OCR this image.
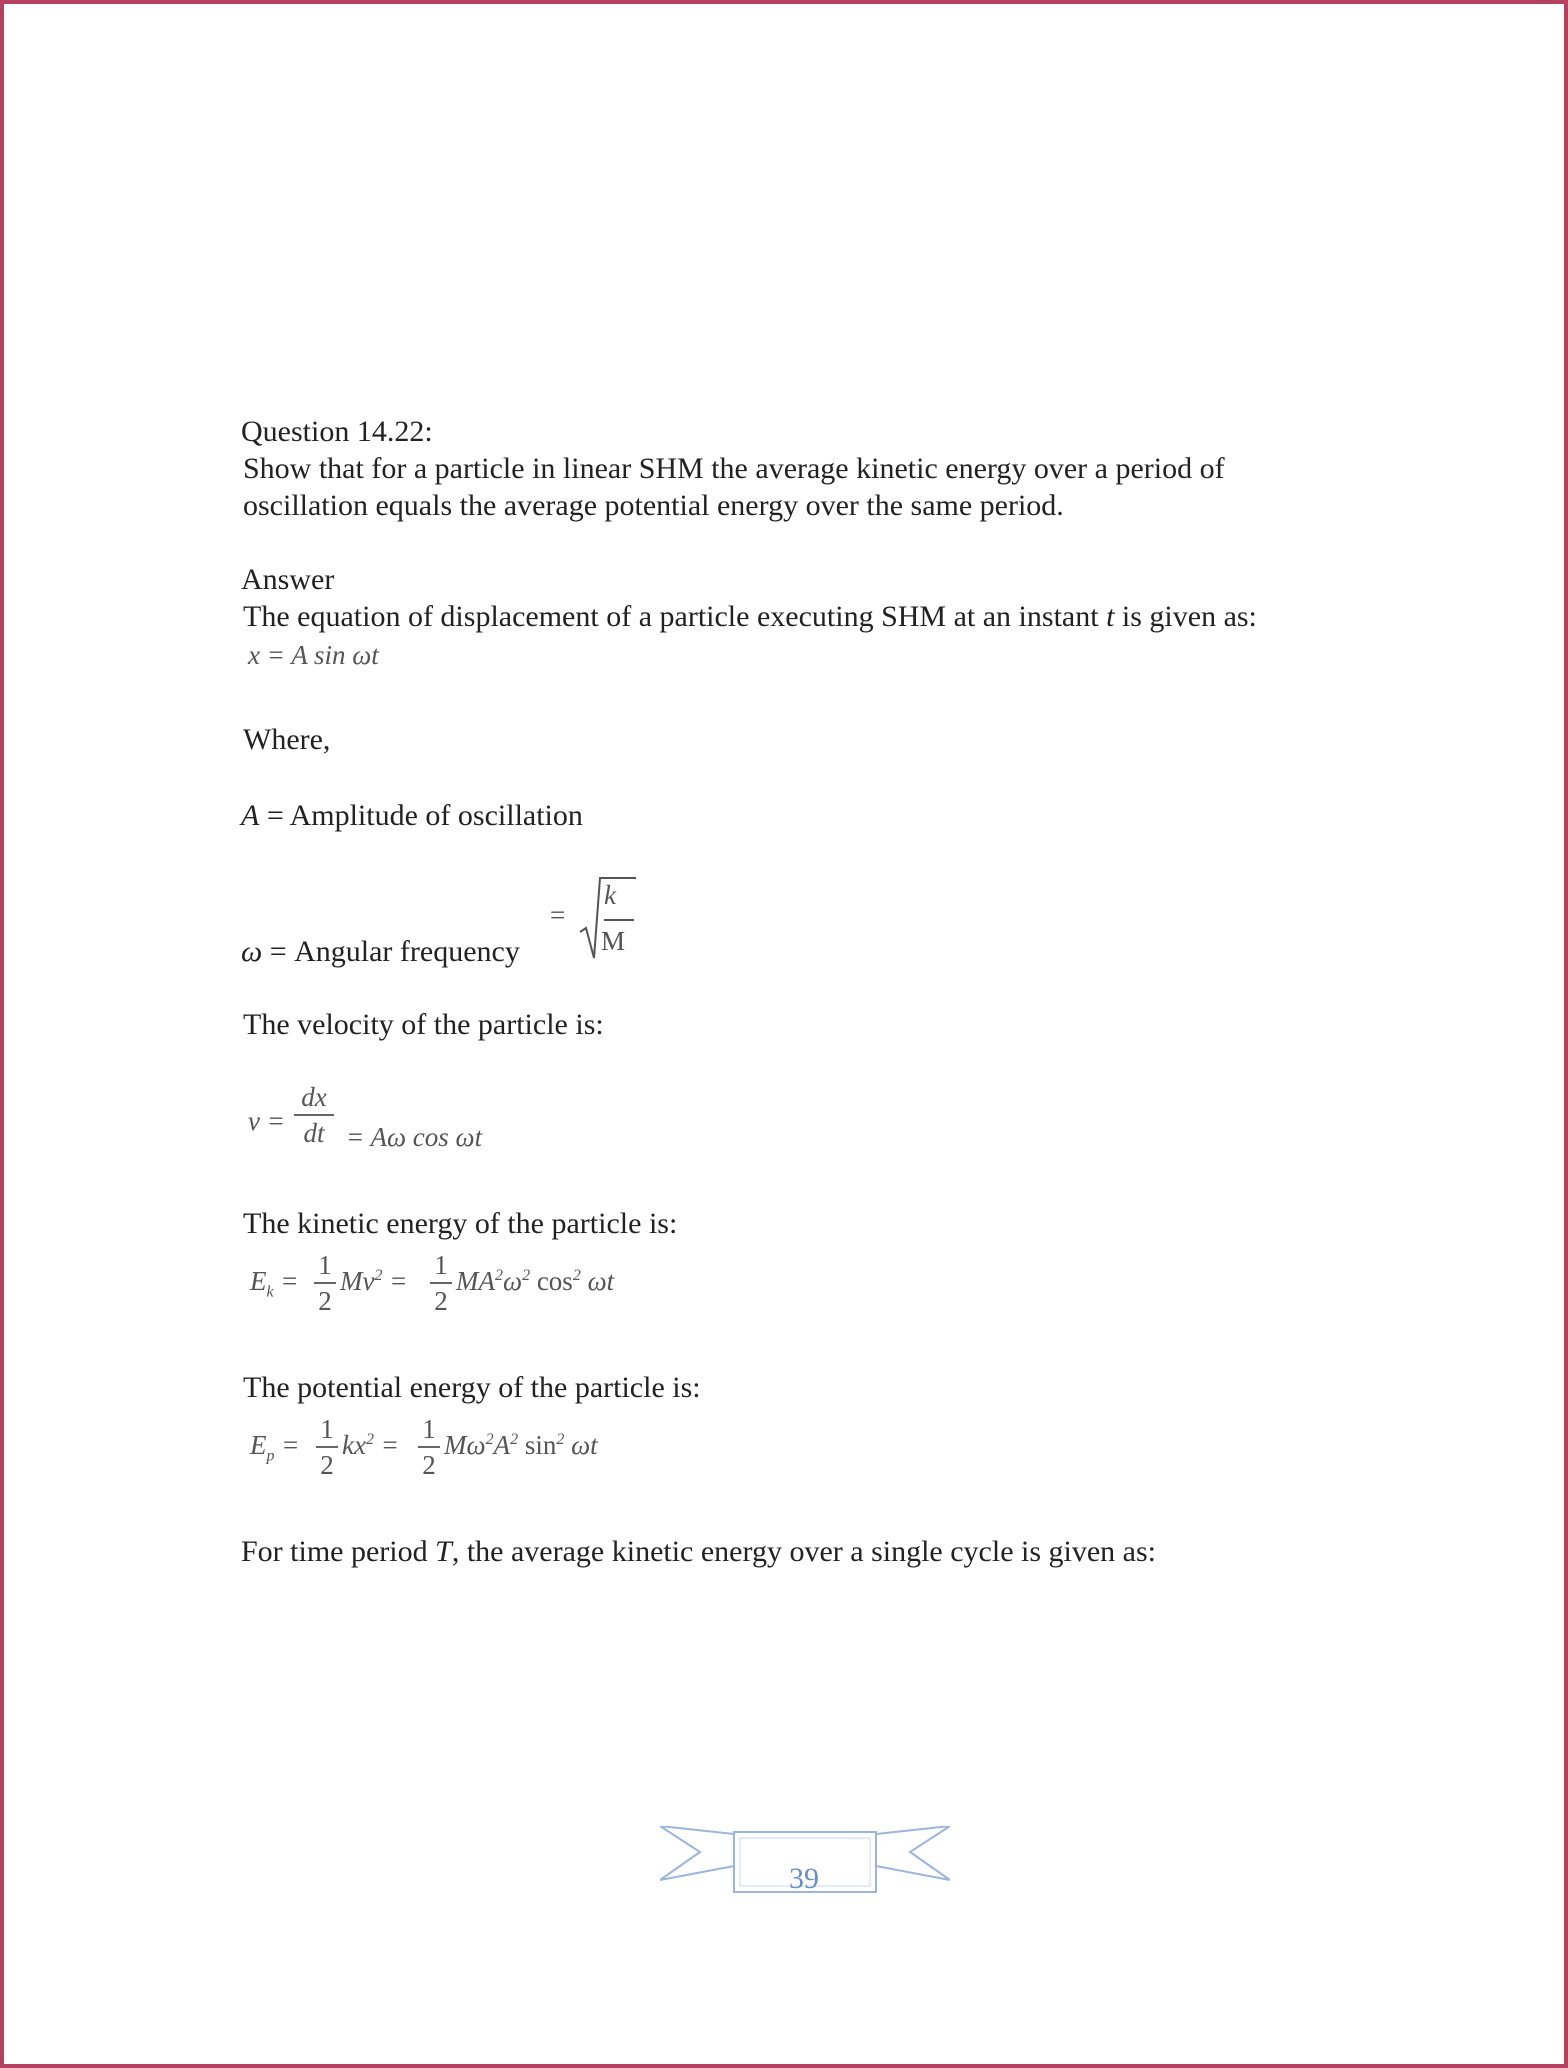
Question 14.22:
Show that for a particle in linear SHM the average kinetic energy over a period of
oscillation equals the average potential energy over the same period.
Answer
The equation of displacement of a particle executing SHM at an instant t is given as:
x = A sin ωt
Where,
A = Amplitude of oscillation
ω = Angular frequency
=
k
M
The velocity of the particle is:
v =
dx
dt = Aω cos ωt
The kinetic energy of the particle is:
$E_k$ =
1
2
$Mv^2$ =
1
2
$MA^2\omega^2$ $\cos^2 \omega t$
The potential energy of the particle is:
$E_p$ =
1
2
$kx^2$ =
1
2
$M\omega^2A^2$ $\sin^2 \omega t$
For time period T, the average kinetic energy over a single cycle is given as:
39
